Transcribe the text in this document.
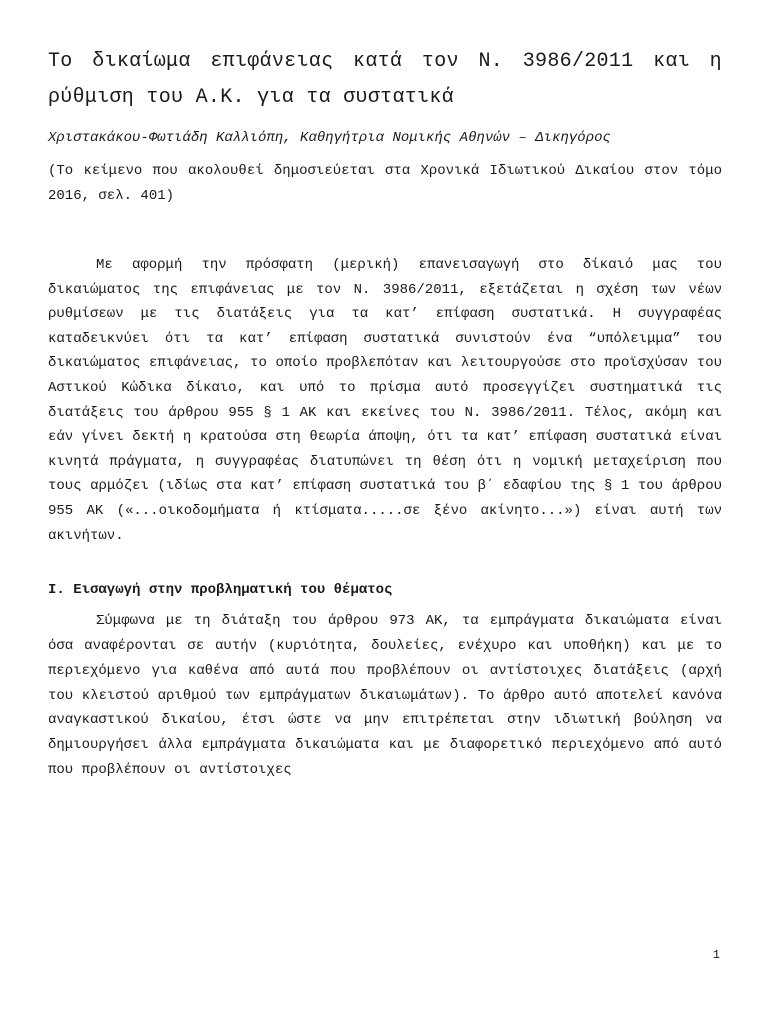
Το δικαίωμα επιφάνειας κατά τον Ν. 3986/2011 και η ρύθμιση του Α.Κ. για τα συστατικά
Χριστακάκου-Φωτιάδη Καλλιόπη, Καθηγήτρια Νομικής Αθηνών – Δικηγόρος
(Το κείμενο που ακολουθεί δημοσιεύεται στα Χρονικά Ιδιωτικού Δικαίου στον τόμο 2016, σελ. 401)
Με αφορμή την πρόσφατη (μερική) επανεισαγωγή στο δίκαιό μας του δικαιώματος της επιφάνειας με τον Ν. 3986/2011, εξετάζεται η σχέση των νέων ρυθμίσεων με τις διατάξεις για τα κατ’ επίφαση συστατικά. Η συγγραφέας καταδεικνύει ότι τα κατ’ επίφαση συστατικά συνιστούν ένα “υπόλειμμα” του δικαιώματος επιφάνειας, το οποίο προβλεπόταν και λειτουργούσε στο προϊσχύσαν του Αστικού Κώδικα δίκαιο, και υπό το πρίσμα αυτό προσεγγίζει συστηματικά τις διατάξεις του άρθρου 955 § 1 ΑΚ και εκείνες του Ν. 3986/2011. Τέλος, ακόμη και εάν γίνει δεκτή η κρατούσα στη θεωρία άποψη, ότι τα κατ’ επίφαση συστατικά είναι κινητά πράγματα, η συγγραφέας διατυπώνει τη θέση ότι η νομική μεταχείριση που τους αρμόζει (ιδίως στα κατ’ επίφαση συστατικά του β΄ εδαφίου της § 1 του άρθρου 955 ΑΚ («...οικοδομήματα ή κτίσματα.....σε ξένο ακίνητο...») είναι αυτή των ακινήτων.
Ι. Εισαγωγή στην προβληματική του θέματος
Σύμφωνα με τη διάταξη του άρθρου 973 ΑΚ, τα εμπράγματα δικαιώματα είναι όσα αναφέρονται σε αυτήν (κυριότητα, δουλείες, ενέχυρο και υποθήκη) και με το περιεχόμενο για καθένα από αυτά που προβλέπουν οι αντίστοιχες διατάξεις (αρχή του κλειστού αριθμού των εμπράγματων δικαιωμάτων). Το άρθρο αυτό αποτελεί κανόνα αναγκαστικού δικαίου, έτσι ώστε να μην επιτρέπεται στην ιδιωτική βούληση να δημιουργήσει άλλα εμπράγματα δικαιώματα και με διαφορετικό περιεχόμενο από αυτό που προβλέπουν οι αντίστοιχες
1
